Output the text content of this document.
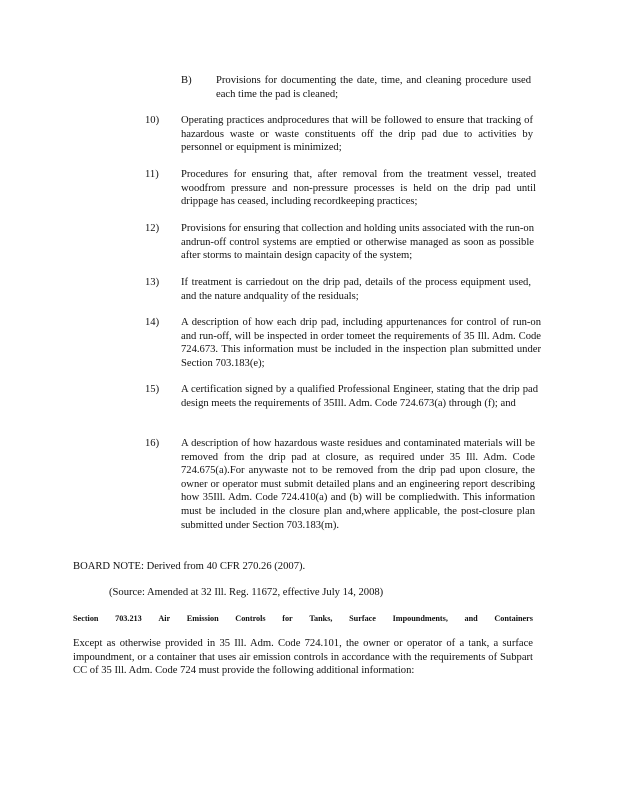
B)	Provisions for documenting the date, time, and cleaning procedure used each time the pad is cleaned;
10)	Operating practices andprocedures that will be followed to ensure that tracking of hazardous waste or waste constituents off the drip pad due to activities by personnel or equipment is minimized;
11)	Procedures for ensuring that, after removal from the treatment vessel, treated woodfrom pressure and non-pressure processes is held on the drip pad until drippage has ceased, including recordkeeping practices;
12)	Provisions for ensuring that collection and holding units associated with the run-on andrun-off control systems are emptied or otherwise managed as soon as possible after storms to maintain design capacity of the system;
13)	If treatment is carriedout on the drip pad, details of the process equipment used, and the nature andquality of the residuals;
14)	A description of how each drip pad, including appurtenances for control of run-on and run-off, will be inspected in order tomeet the requirements of 35 Ill. Adm. Code 724.673. This information must be included in the inspection plan submitted under Section 703.183(e);
15)	A certification signed by a qualified Professional Engineer, stating that the drip pad design meets the requirements of 35Ill. Adm. Code 724.673(a) through (f); and
16)	A description of how hazardous waste residues and contaminated materials will be removed from the drip pad at closure, as required under 35 Ill. Adm. Code 724.675(a).For anywaste not to be removed from the drip pad upon closure, the owner or operator must submit detailed plans and an engineering report describing how 35Ill. Adm. Code 724.410(a) and (b) will be compliedwith. This information must be included in the closure plan and,where applicable, the post-closure plan submitted under Section 703.183(m).
BOARD NOTE: Derived from 40 CFR 270.26 (2007).
(Source: Amended at 32 Ill. Reg. 11672, effective July 14, 2008)
Section 703.213 Air Emission Controls for Tanks, Surface Impoundments, and Containers
Except as otherwise provided in 35 Ill. Adm. Code 724.101, the owner or operator of a tank, a surface impoundment, or a container that uses air emission controls in accordance with the requirements of Subpart CC of 35 Ill. Adm. Code 724 must provide the following additional information:
